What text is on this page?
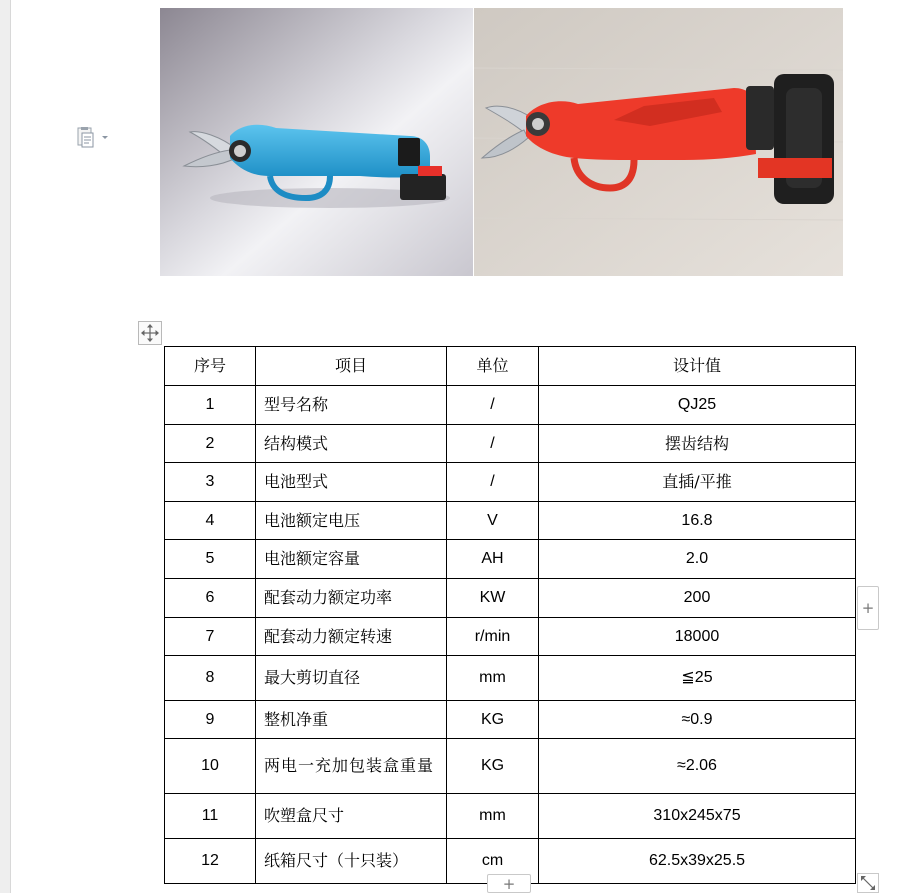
序号	项目	单位	设计值
1	型号名称	/	QJ25
2	结构模式	/	摆齿结构
3	电池型式	/	直插/平推
4	电池额定电压	V	16.8
5	电池额定容量	AH	2.0
6	配套动力额定功率	KW	200
7	配套动力额定转速	r/min	18000
8	最大剪切直径	mm	≦25
9	整机净重	KG	≈0.9
10	两电一充加包装盒重量	KG	≈2.06
11	吹塑盒尺寸	mm	310x245x75
12	纸箱尺寸（十只装）	cm	62.5x39x25.5
+
+
